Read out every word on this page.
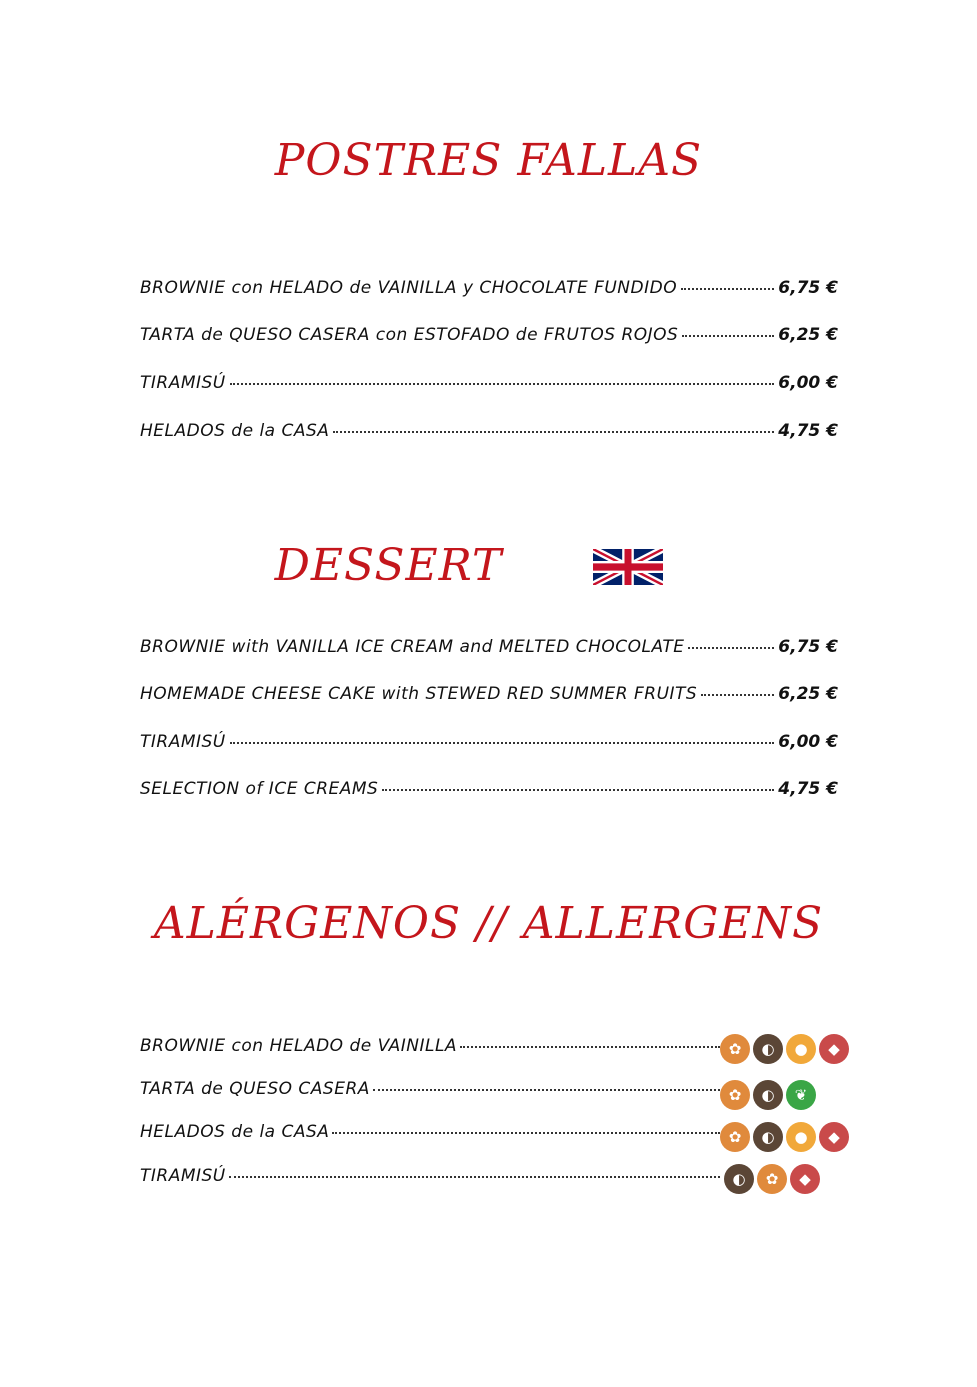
POSTRES FALLAS
BROWNIE con HELADO de VAINILLA y CHOCOLATE FUNDIDO	6,75 €
TARTA de QUESO CASERA con ESTOFADO de FRUTOS ROJOS	6,25 €
TIRAMISÚ	6,00 €
HELADOS de la CASA	4,75 €
DESSERT
BROWNIE with VANILLA ICE CREAM and MELTED CHOCOLATE	6,75 €
HOMEMADE CHEESE CAKE with STEWED RED SUMMER FRUITS	6,25 €
TIRAMISÚ	6,00 €
SELECTION of ICE CREAMS	4,75 €
ALÉRGENOS // ALLERGENS
BROWNIE con HELADO de VAINILLA	✿	◐	●	◆
TARTA de QUESO CASERA	✿	◐	❦
HELADOS de la CASA	✿	◐	●	◆
TIRAMISÚ	◐	✿	◆
